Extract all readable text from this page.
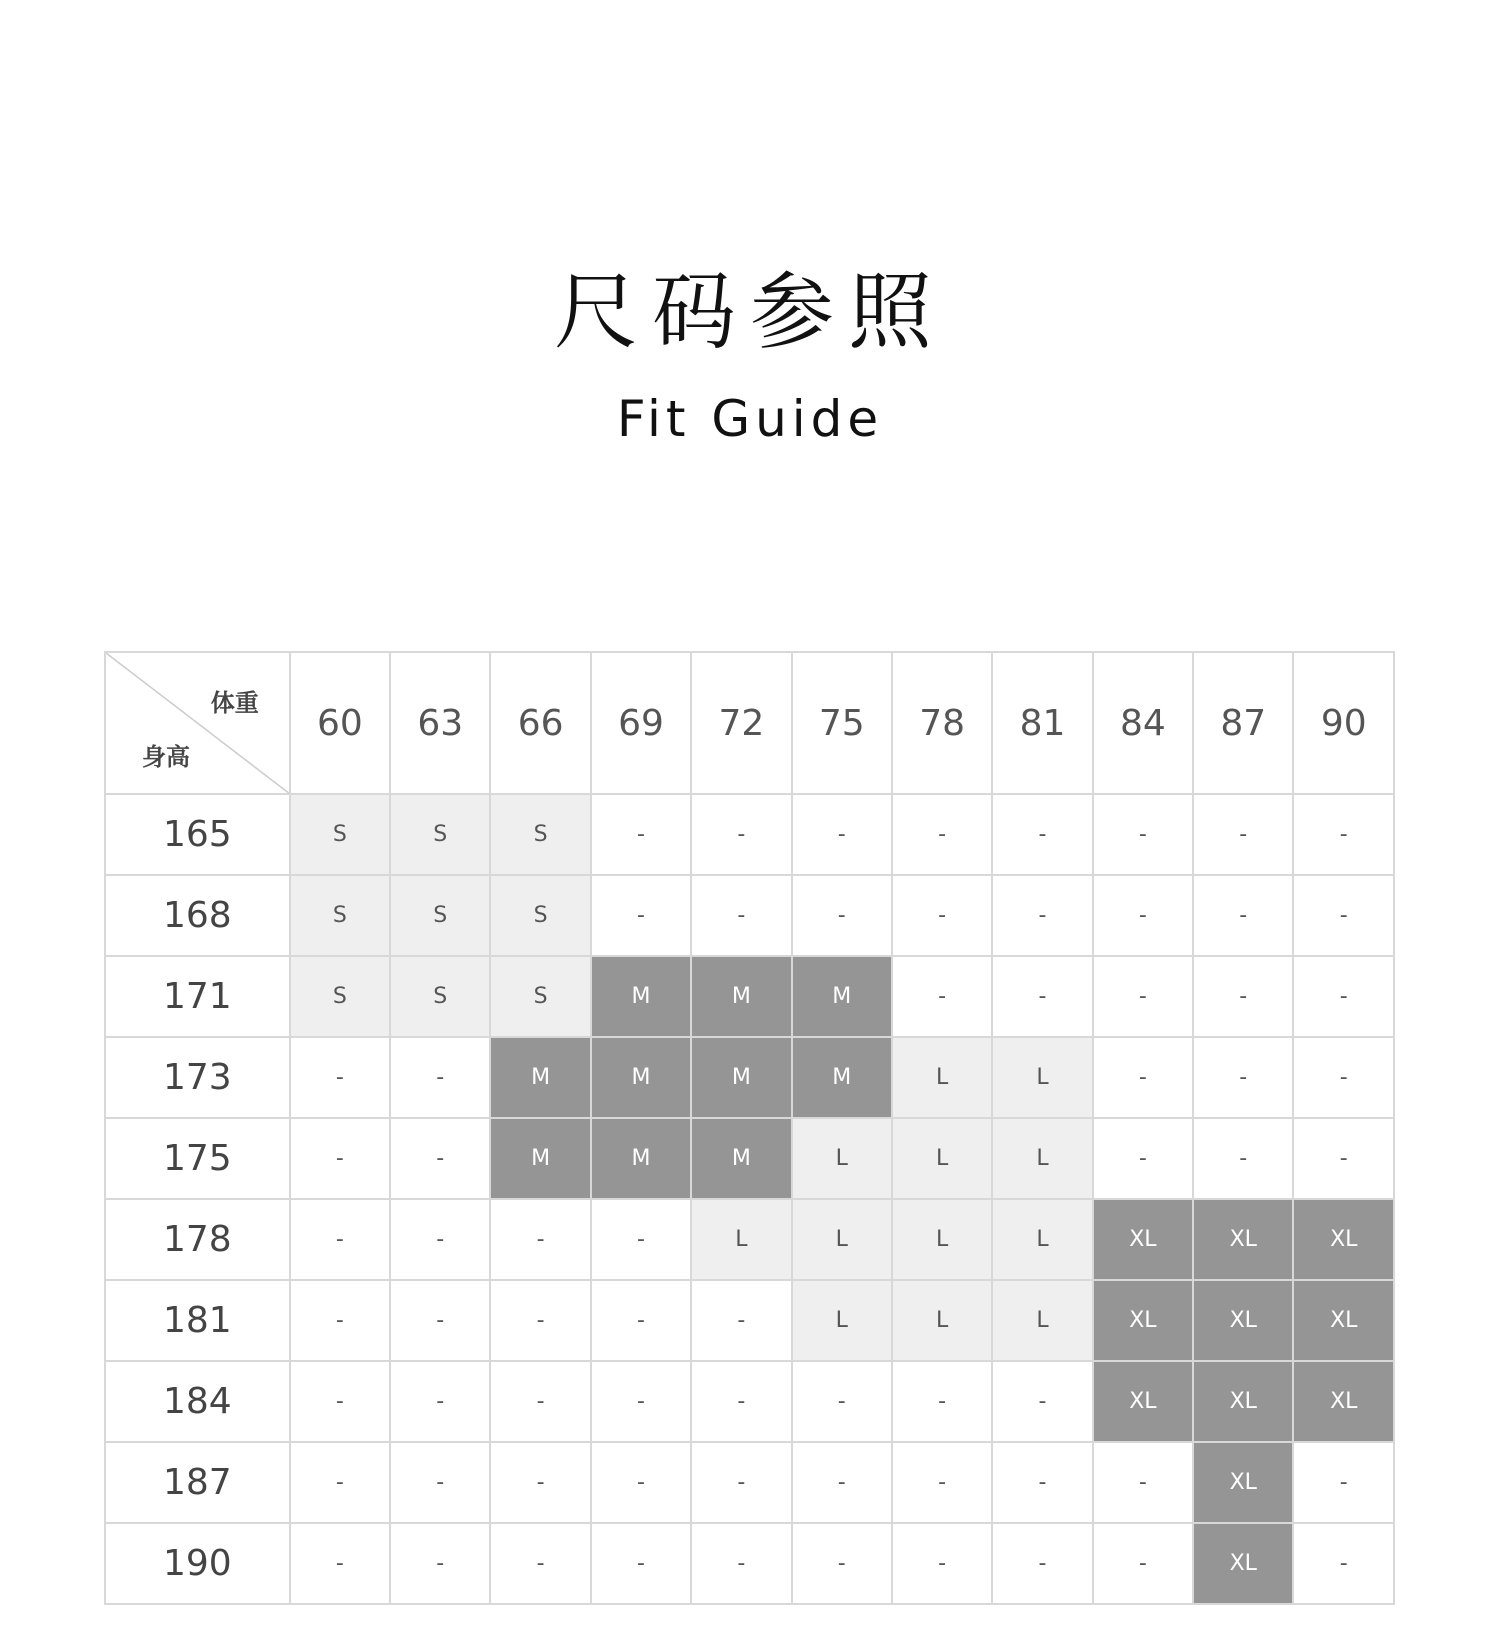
尺码参照
Fit Guide
体重
身高	60	63	66	69	72	75	78	81	84	87	90
165	S	S	S	-	-	-	-	-	-	-	-
168	S	S	S	-	-	-	-	-	-	-	-
171	S	S	S	M	M	M	-	-	-	-	-
173	-	-	M	M	M	M	L	L	-	-	-
175	-	-	M	M	M	L	L	L	-	-	-
178	-	-	-	-	L	L	L	L	XL	XL	XL
181	-	-	-	-	-	L	L	L	XL	XL	XL
184	-	-	-	-	-	-	-	-	XL	XL	XL
187	-	-	-	-	-	-	-	-	-	XL	-
190	-	-	-	-	-	-	-	-	-	XL	-
